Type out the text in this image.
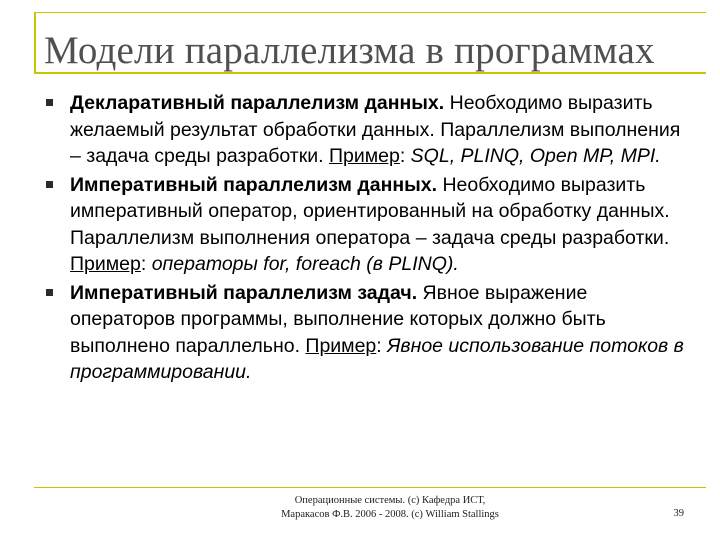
Модели параллелизма в программах
Декларативный параллелизм данных. Необходимо выразить желаемый результат обработки данных. Параллелизм выполнения – задача среды разработки. Пример: SQL, PLINQ, Open MP, MPI.
Императивный параллелизм данных. Необходимо выразить императивный оператор, ориентированный на обработку данных. Параллелизм выполнения оператора – задача среды разработки. Пример: операторы for, foreach (в PLINQ).
Императивный параллелизм задач. Явное выражение операторов программы, выполнение которых должно быть выполнено параллельно. Пример: Явное использование потоков в программировании.
Операционные системы. (с) Кафедра ИСТ,
Маракасов Ф.В. 2006 - 2008. (c) William Stallings	39
